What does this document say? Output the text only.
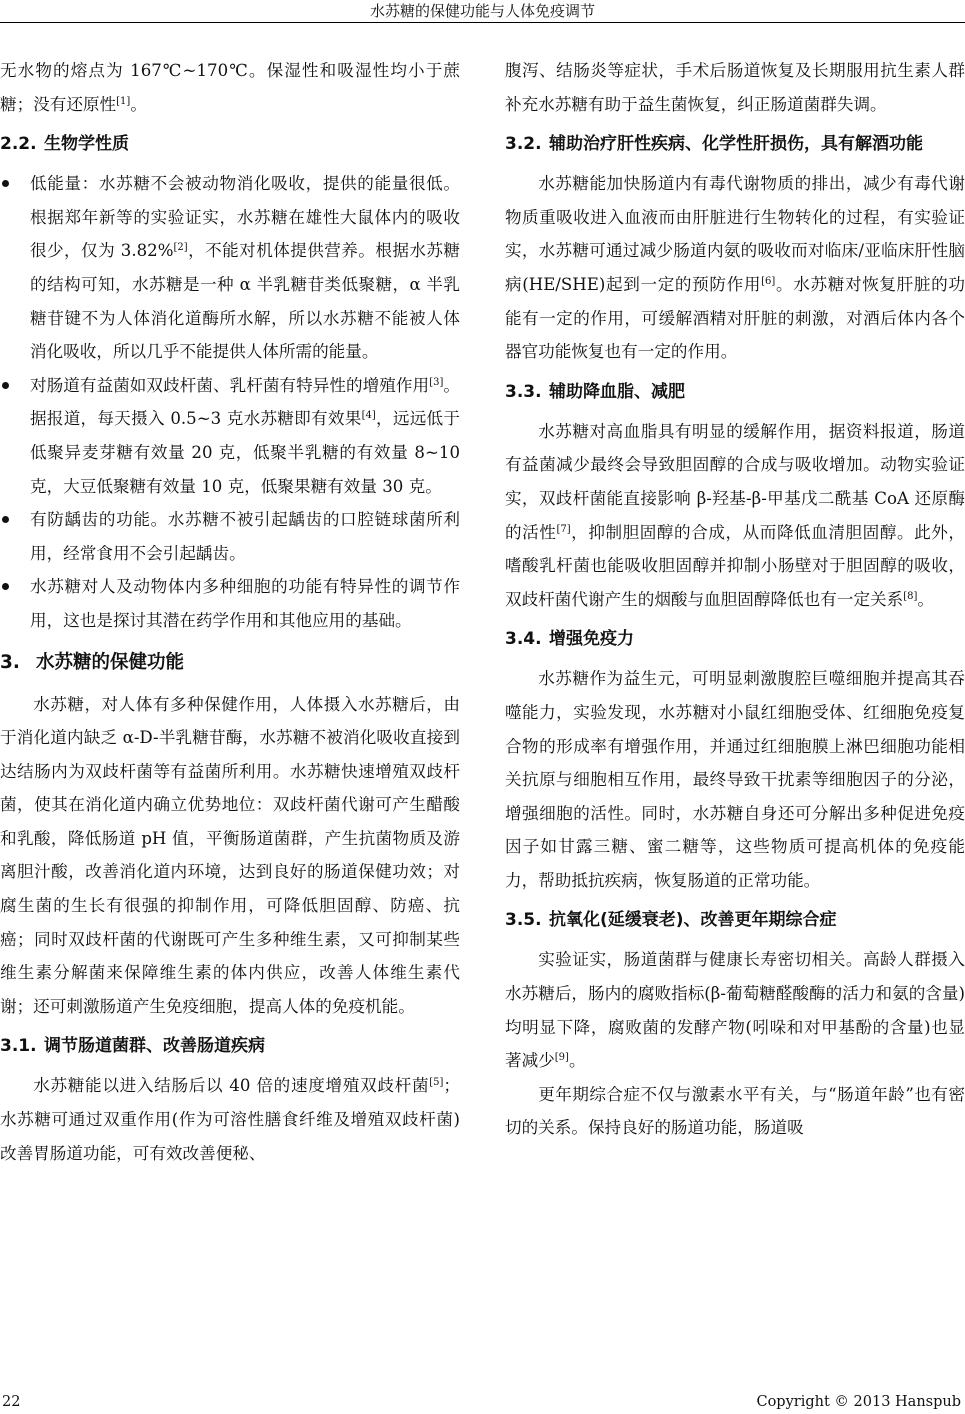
水苏糖的保健功能与人体免疫调节

无水物的熔点为 167℃~170℃。保湿性和吸湿性均小于蔗糖；没有还原性[1]。

2.2. 生物学性质
低能量：水苏糖不会被动物消化吸收，提供的能量很低。根据郑年新等的实验证实，水苏糖在雄性大鼠体内的吸收很少，仅为 3.82%[2]，不能对机体提供营养。根据水苏糖的结构可知，水苏糖是一种 α 半乳糖苷类低聚糖，α 半乳糖苷键不为人体消化道酶所水解，所以水苏糖不能被人体消化吸收，所以几乎不能提供人体所需的能量。
对肠道有益菌如双歧杆菌、乳杆菌有特异性的增殖作用[3]。据报道，每天摄入 0.5~3 克水苏糖即有效果[4]，远远低于低聚异麦芽糖有效量 20 克，低聚半乳糖的有效量 8~10 克，大豆低聚糖有效量 10 克，低聚果糖有效量 30 克。
有防龋齿的功能。水苏糖不被引起龋齿的口腔链球菌所利用，经常食用不会引起龋齿。
水苏糖对人及动物体内多种细胞的功能有特异性的调节作用，这也是探讨其潜在药学作用和其他应用的基础。
3. 水苏糖的保健功能

水苏糖，对人体有多种保健作用，人体摄入水苏糖后，由于消化道内缺乏 α-D-半乳糖苷酶，水苏糖不被消化吸收直接到达结肠内为双歧杆菌等有益菌所利用。水苏糖快速增殖双歧杆菌，使其在消化道内确立优势地位：双歧杆菌代谢可产生醋酸和乳酸，降低肠道 pH 值，平衡肠道菌群，产生抗菌物质及游离胆汁酸，改善消化道内环境，达到良好的肠道保健功效；对腐生菌的生长有很强的抑制作用，可降低胆固醇、防癌、抗癌；同时双歧杆菌的代谢既可产生多种维生素，又可抑制某些维生素分解菌来保障维生素的体内供应，改善人体维生素代谢；还可刺激肠道产生免疫细胞，提高人体的免疫机能。

3.1. 调节肠道菌群、改善肠道疾病

水苏糖能以进入结肠后以 40 倍的速度增殖双歧杆菌[5]；水苏糖可通过双重作用(作为可溶性膳食纤维及增殖双歧杆菌)改善胃肠道功能，可有效改善便秘、

腹泻、结肠炎等症状，手术后肠道恢复及长期服用抗生素人群补充水苏糖有助于益生菌恢复，纠正肠道菌群失调。

3.2. 辅助治疗肝性疾病、化学性肝损伤，具有解酒功能

水苏糖能加快肠道内有毒代谢物质的排出，减少有毒代谢物质重吸收进入血液而由肝脏进行生物转化的过程，有实验证实，水苏糖可通过减少肠道内氨的吸收而对临床/亚临床肝性脑病(HE/SHE)起到一定的预防作用[6]。水苏糖对恢复肝脏的功能有一定的作用，可缓解酒精对肝脏的刺激，对酒后体内各个器官功能恢复也有一定的作用。

3.3. 辅助降血脂、减肥

水苏糖对高血脂具有明显的缓解作用，据资料报道，肠道有益菌减少最终会导致胆固醇的合成与吸收增加。动物实验证实，双歧杆菌能直接影响 β-羟基-β-甲基戊二酰基 CoA 还原酶的活性[7]，抑制胆固醇的合成，从而降低血清胆固醇。此外，嗜酸乳杆菌也能吸收胆固醇并抑制小肠壁对于胆固醇的吸收，双歧杆菌代谢产生的烟酸与血胆固醇降低也有一定关系[8]。

3.4. 增强免疫力

水苏糖作为益生元，可明显刺激腹腔巨噬细胞并提高其吞噬能力，实验发现，水苏糖对小鼠红细胞受体、红细胞免疫复合物的形成率有增强作用，并通过红细胞膜上淋巴细胞功能相关抗原与细胞相互作用，最终导致干扰素等细胞因子的分泌，增强细胞的活性。同时，水苏糖自身还可分解出多种促进免疫因子如甘露三糖、蜜二糖等，这些物质可提高机体的免疫能力，帮助抵抗疾病，恢复肠道的正常功能。

3.5. 抗氧化(延缓衰老)、改善更年期综合症

实验证实，肠道菌群与健康长寿密切相关。高龄人群摄入水苏糖后，肠内的腐败指标(β-葡萄糖醛酸酶的活力和氨的含量)均明显下降，腐败菌的发酵产物(吲哚和对甲基酚的含量)也显著减少[9]。

更年期综合症不仅与激素水平有关，与“肠道年龄”也有密切的关系。保持良好的肠道功能，肠道吸

22	Copyright © 2013 Hanspub
